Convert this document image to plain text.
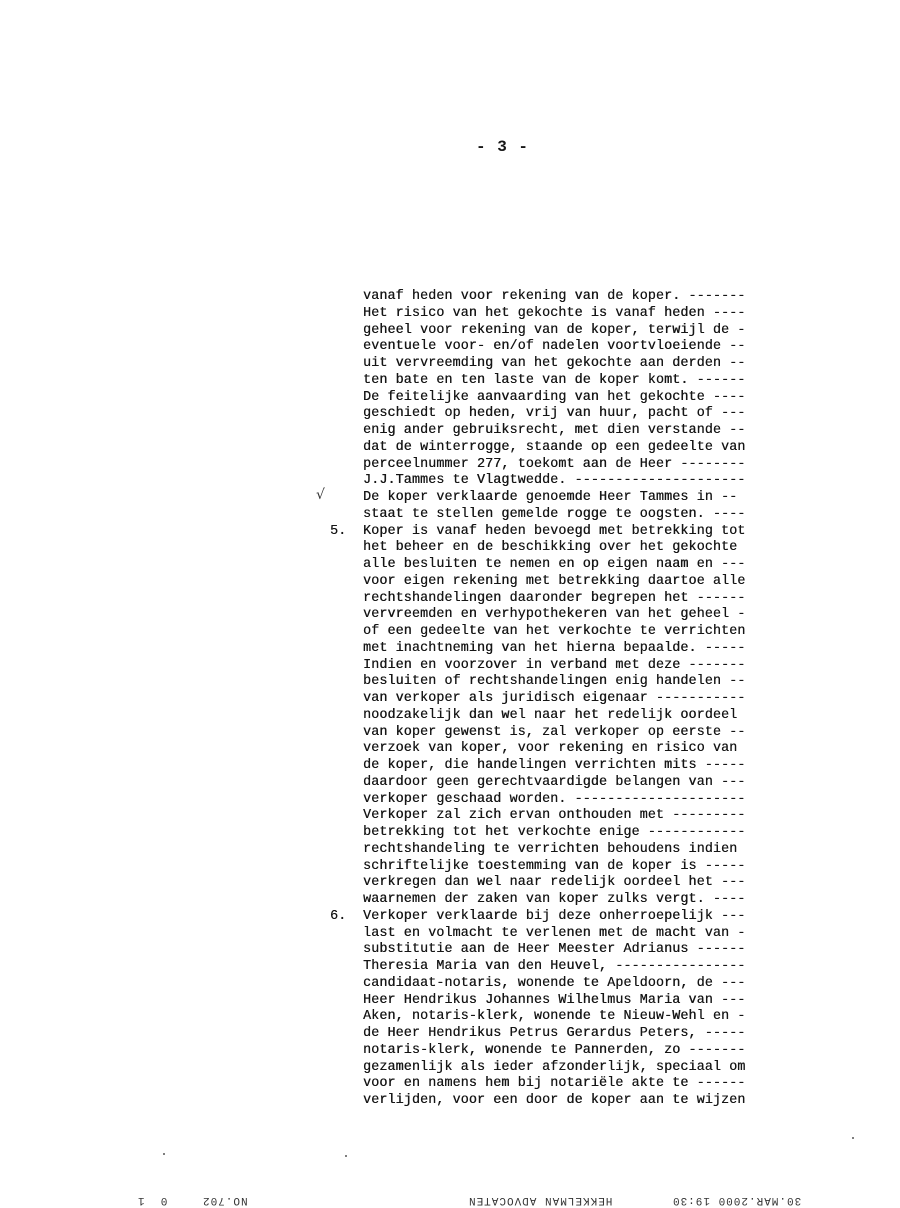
- 3 -
√
vanaf heden voor rekening van de koper. -------
Het risico van het gekochte is vanaf heden ----
geheel voor rekening van de koper, terwijl de -
eventuele voor- en/of nadelen voortvloeiende --
uit vervreemding van het gekochte aan derden --
ten bate en ten laste van de koper komt. ------
De feitelijke aanvaarding van het gekochte ----
geschiedt op heden, vrij van huur, pacht of ---
enig ander gebruiksrecht, met dien verstande --
dat de winterrogge, staande op een gedeelte van
perceelnummer 277, toekomt aan de Heer --------
J.J.Tammes te Vlagtwedde. ---------------------
De koper verklaarde genoemde Heer Tammes in --
staat te stellen gemelde rogge te oogsten. ----
5.	Koper is vanaf heden bevoegd met betrekking tot
het beheer en de beschikking over het gekochte
alle besluiten te nemen en op eigen naam en ---
voor eigen rekening met betrekking daartoe alle
rechtshandelingen daaronder begrepen het ------
vervreemden en verhypothekeren van het geheel -
of een gedeelte van het verkochte te verrichten
met inachtneming van het hierna bepaalde. -----
Indien en voorzover in verband met deze -------
besluiten of rechtshandelingen enig handelen --
van verkoper als juridisch eigenaar -----------
noodzakelijk dan wel naar het redelijk oordeel
van koper gewenst is, zal verkoper op eerste --
verzoek van koper, voor rekening en risico van
de koper, die handelingen verrichten mits -----
daardoor geen gerechtvaardigde belangen van ---
verkoper geschaad worden. ---------------------
Verkoper zal zich ervan onthouden met ---------
betrekking tot het verkochte enige ------------
rechtshandeling te verrichten behoudens indien
schriftelijke toestemming van de koper is -----
verkregen dan wel naar redelijk oordeel het ---
waarnemen der zaken van koper zulks vergt. ----
6.	Verkoper verklaarde bij deze onherroepelijk ---
last en volmacht te verlenen met de macht van -
substitutie aan de Heer Meester Adrianus ------
Theresia Maria van den Heuvel, ----------------
candidaat-notaris, wonende te Apeldoorn, de ---
Heer Hendrikus Johannes Wilhelmus Maria van ---
Aken, notaris-klerk, wonende te Nieuw-Wehl en -
de Heer Hendrikus Petrus Gerardus Peters, -----
notaris-klerk, wonende te Pannerden, zo -------
gezamenlijk als ieder afzonderlijk, speciaal om
voor en namens hem bij notariële akte te ------
verlijden, voor een door de koper aan te wijzen
0  1	NO.702	HEKKELMAN ADVOCATEN	30.MAR.2000 19:30
